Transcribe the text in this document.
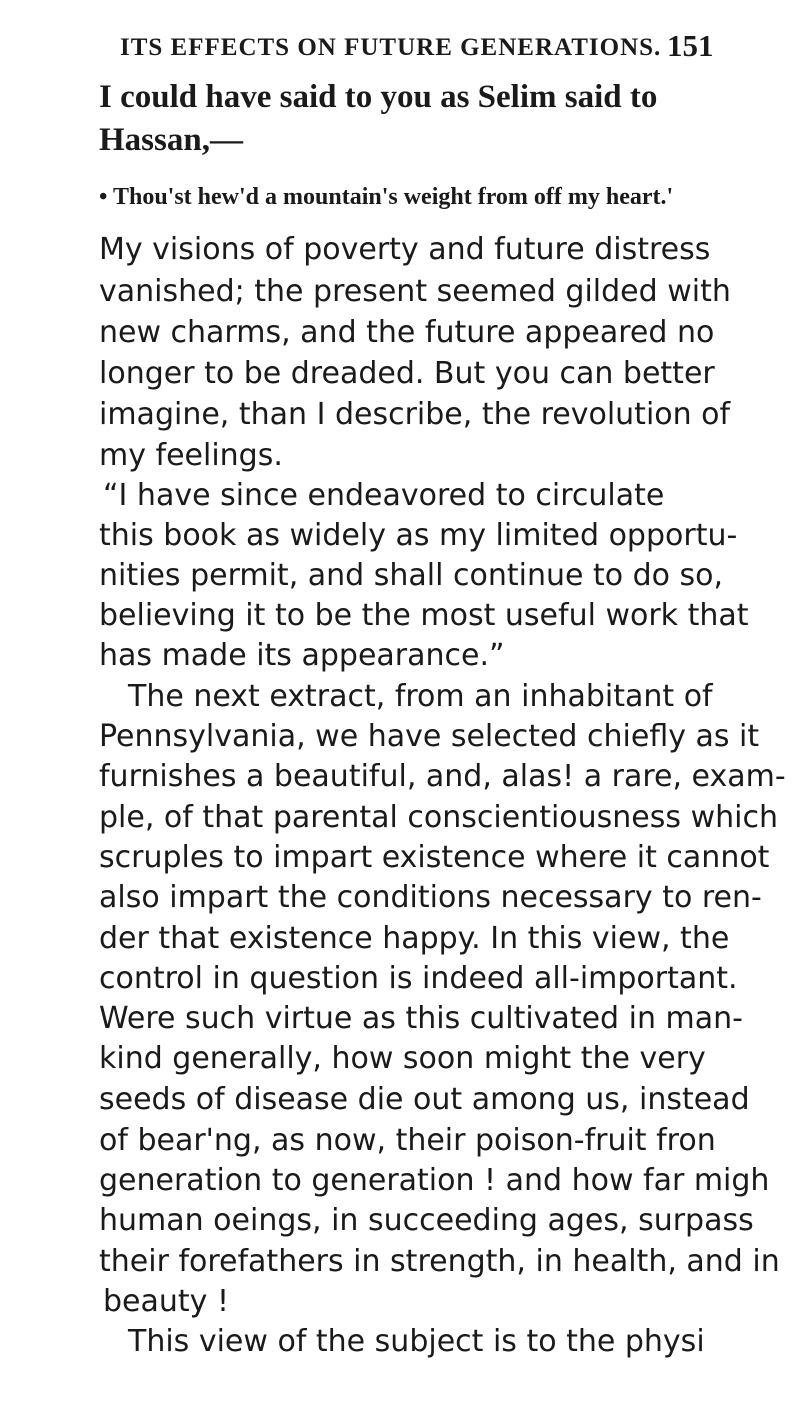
ITS EFFECTS ON FUTURE GENERATIONS. 151
I could have said to you as Selim said to
Hassan,—
• Thou'st hew'd a mountain's weight from off my heart.'
My visions of poverty and future distress
vanished; the present seemed gilded with
new charms, and the future appeared no
longer to be dreaded. But you can better
imagine, than I describe, the revolution of
my feelings.
“I have since endeavored to circulate
this book as widely as my limited opportu-
nities permit, and shall continue to do so,
believing it to be the most useful work that
has made its appearance.”
The next extract, from an inhabitant of
Pennsylvania, we have selected chiefly as it
furnishes a beautiful, and, alas! a rare, exam-
ple, of that parental conscientiousness which
scruples to impart existence where it cannot
also impart the conditions necessary to ren-
der that existence happy. In this view, the
control in question is indeed all-important.
Were such virtue as this cultivated in man-
kind generally, how soon might the very
seeds of disease die out among us, instead
of bear'ng, as now, their poison-fruit fron
generation to generation ! and how far migh
human oeings, in succeeding ages, surpass
their forefathers in strength, in health, and in
beauty !
This view of the subject is to the physi
